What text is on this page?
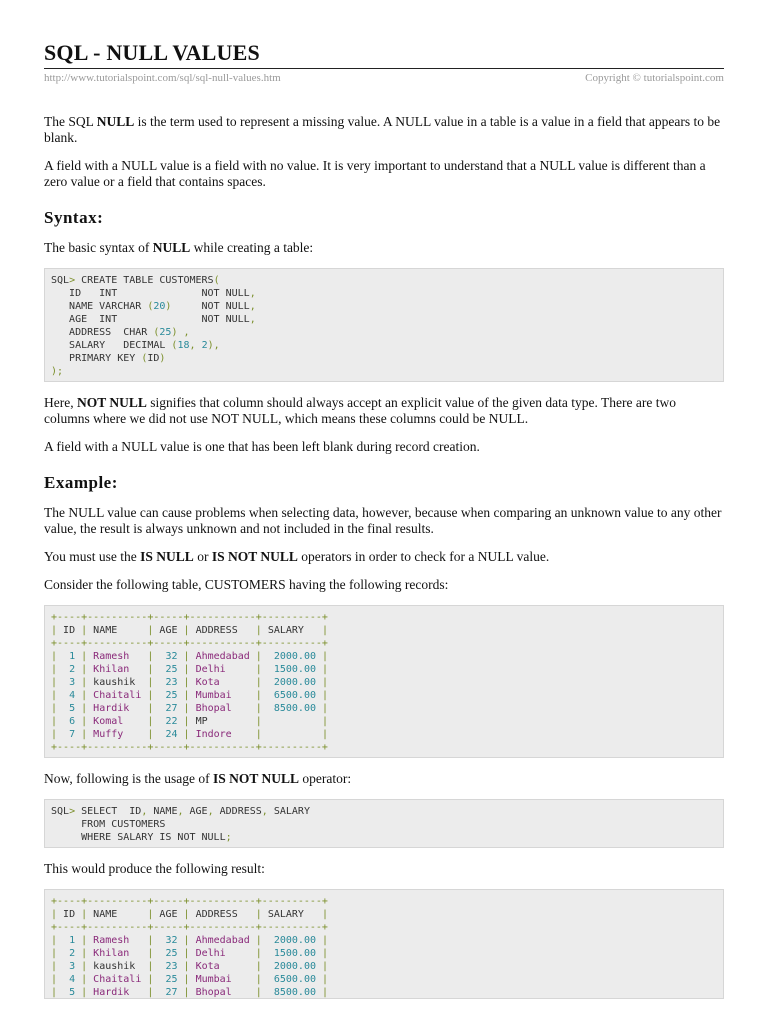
SQL - NULL VALUES
http://www.tutorialspoint.com/sql/sql-null-values.htm	Copyright © tutorialspoint.com

The SQL NULL is the term used to represent a missing value. A NULL value in a table is a value in a field that appears to be blank.

A field with a NULL value is a field with no value. It is very important to understand that a NULL value is different than a zero value or a field that contains spaces.

Syntax:

The basic syntax of NULL while creating a table:

SQL> CREATE TABLE CUSTOMERS(
ID   INT              NOT NULL,
NAME VARCHAR (20)     NOT NULL,
AGE  INT              NOT NULL,
ADDRESS  CHAR (25) ,
SALARY   DECIMAL (18, 2),
PRIMARY KEY (ID)
);

Here, NOT NULL signifies that column should always accept an explicit value of the given data type. There are two columns where we did not use NOT NULL, which means these columns could be NULL.

A field with a NULL value is one that has been left blank during record creation.

Example:

The NULL value can cause problems when selecting data, however, because when comparing an unknown value to any other value, the result is always unknown and not included in the final results.

You must use the IS NULL or IS NOT NULL operators in order to check for a NULL value.

Consider the following table, CUSTOMERS having the following records:

+----+----------+-----+-----------+----------+
| ID | NAME     | AGE | ADDRESS   | SALARY   |
+----+----------+-----+-----------+----------+
|  1 | Ramesh   |  32 | Ahmedabad |  2000.00 |
|  2 | Khilan   |  25 | Delhi     |  1500.00 |
|  3 | kaushik  |  23 | Kota      |  2000.00 |
|  4 | Chaitali |  25 | Mumbai    |  6500.00 |
|  5 | Hardik   |  27 | Bhopal    |  8500.00 |
|  6 | Komal    |  22 | MP        |	|
|  7 | Muffy    |  24 | Indore    |	|
+----+----------+-----+-----------+----------+

Now, following is the usage of IS NOT NULL operator:

SQL> SELECT  ID, NAME, AGE, ADDRESS, SALARY
FROM CUSTOMERS
WHERE SALARY IS NOT NULL;

This would produce the following result:

+----+----------+-----+-----------+----------+
| ID | NAME     | AGE | ADDRESS   | SALARY   |
+----+----------+-----+-----------+----------+
|  1 | Ramesh   |  32 | Ahmedabad |  2000.00 |
|  2 | Khilan   |  25 | Delhi     |  1500.00 |
|  3 | kaushik  |  23 | Kota      |  2000.00 |
|  4 | Chaitali |  25 | Mumbai    |  6500.00 |
|  5 | Hardik   |  27 | Bhopal    |  8500.00 |
